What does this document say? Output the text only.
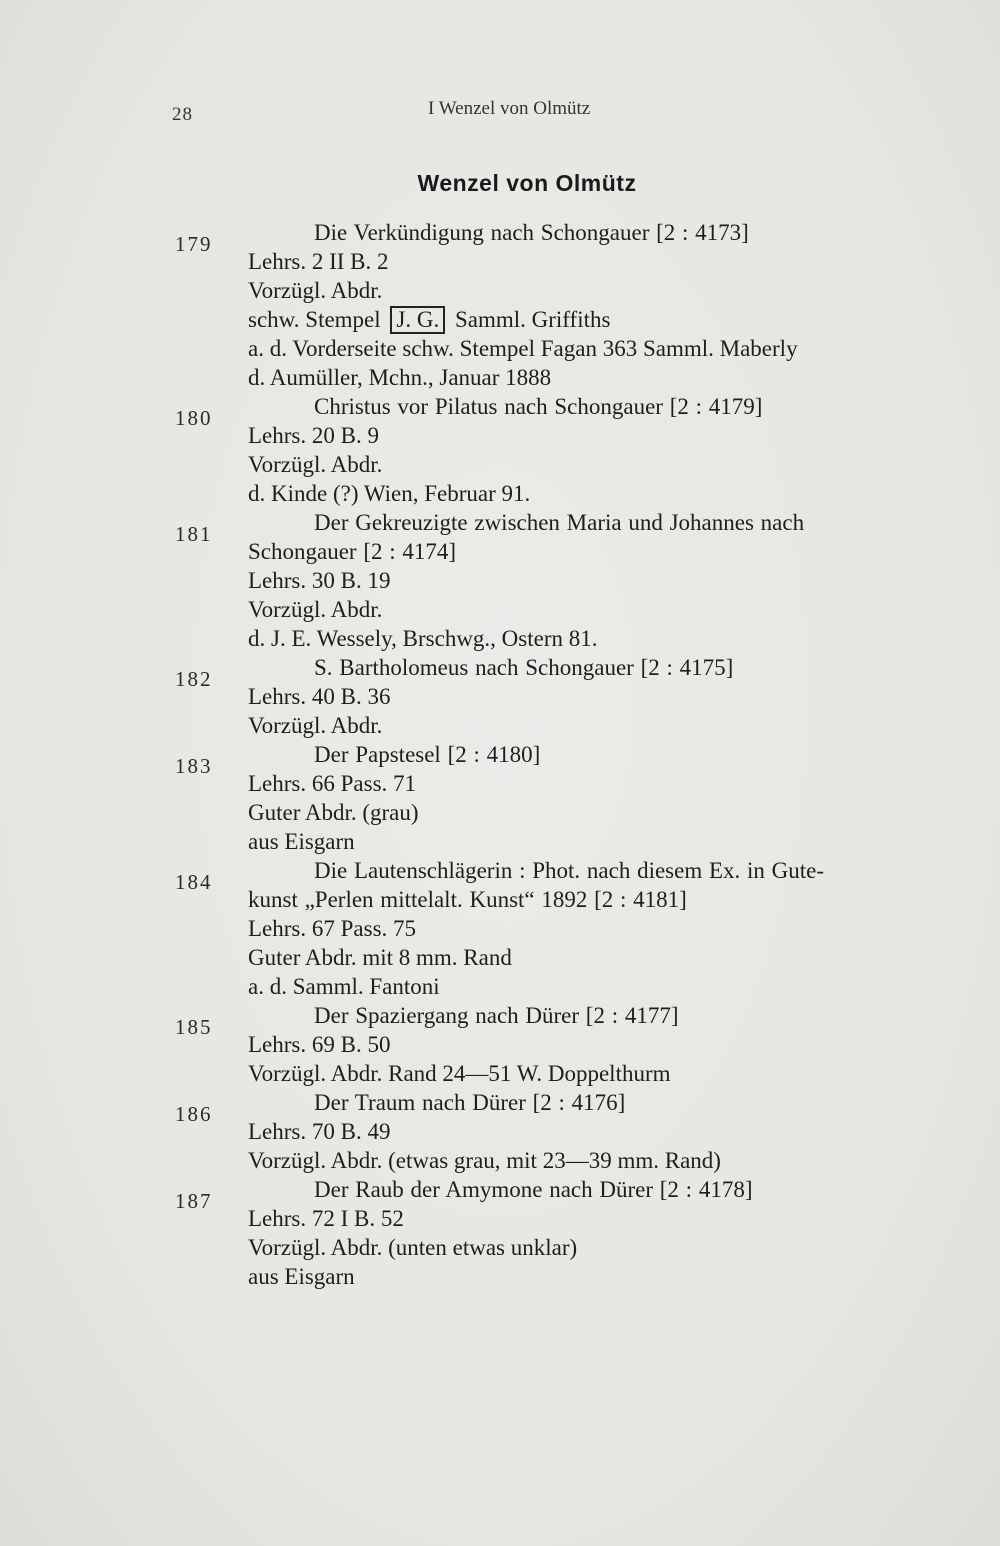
28	I Wenzel von Olmütz
Wenzel von Olmütz
179	Die Verkündigung nach Schongauer [2 : 4173]
Lehrs. 2 II B. 2
Vorzügl. Abdr.
schw. Stempel J. G. Samml. Griffiths
a. d. Vorderseite schw. Stempel Fagan 363 Samml. Maberly
d. Aumüller, Mchn., Januar 1888
180	Christus vor Pilatus nach Schongauer [2 : 4179]
Lehrs. 20 B. 9
Vorzügl. Abdr.
d. Kinde (?) Wien, Februar 91.
181	Der Gekreuzigte zwischen Maria und Johannes nach
Schongauer [2 : 4174]
Lehrs. 30 B. 19
Vorzügl. Abdr.
d. J. E. Wessely, Brschwg., Ostern 81.
182	S. Bartholomeus nach Schongauer [2 : 4175]
Lehrs. 40 B. 36
Vorzügl. Abdr.
183	Der Papstesel [2 : 4180]
Lehrs. 66 Pass. 71
Guter Abdr. (grau)
aus Eisgarn
184	Die Lautenschlägerin : Phot. nach diesem Ex. in Gute-
kunst „Perlen mittelalt. Kunst“ 1892 [2 : 4181]
Lehrs. 67 Pass. 75
Guter Abdr. mit 8 mm. Rand
a. d. Samml. Fantoni
185	Der Spaziergang nach Dürer [2 : 4177]
Lehrs. 69 B. 50
Vorzügl. Abdr. Rand 24—51 W. Doppelthurm
186	Der Traum nach Dürer [2 : 4176]
Lehrs. 70 B. 49
Vorzügl. Abdr. (etwas grau, mit 23—39 mm. Rand)
187	Der Raub der Amymone nach Dürer [2 : 4178]
Lehrs. 72 I B. 52
Vorzügl. Abdr. (unten etwas unklar)
aus Eisgarn
